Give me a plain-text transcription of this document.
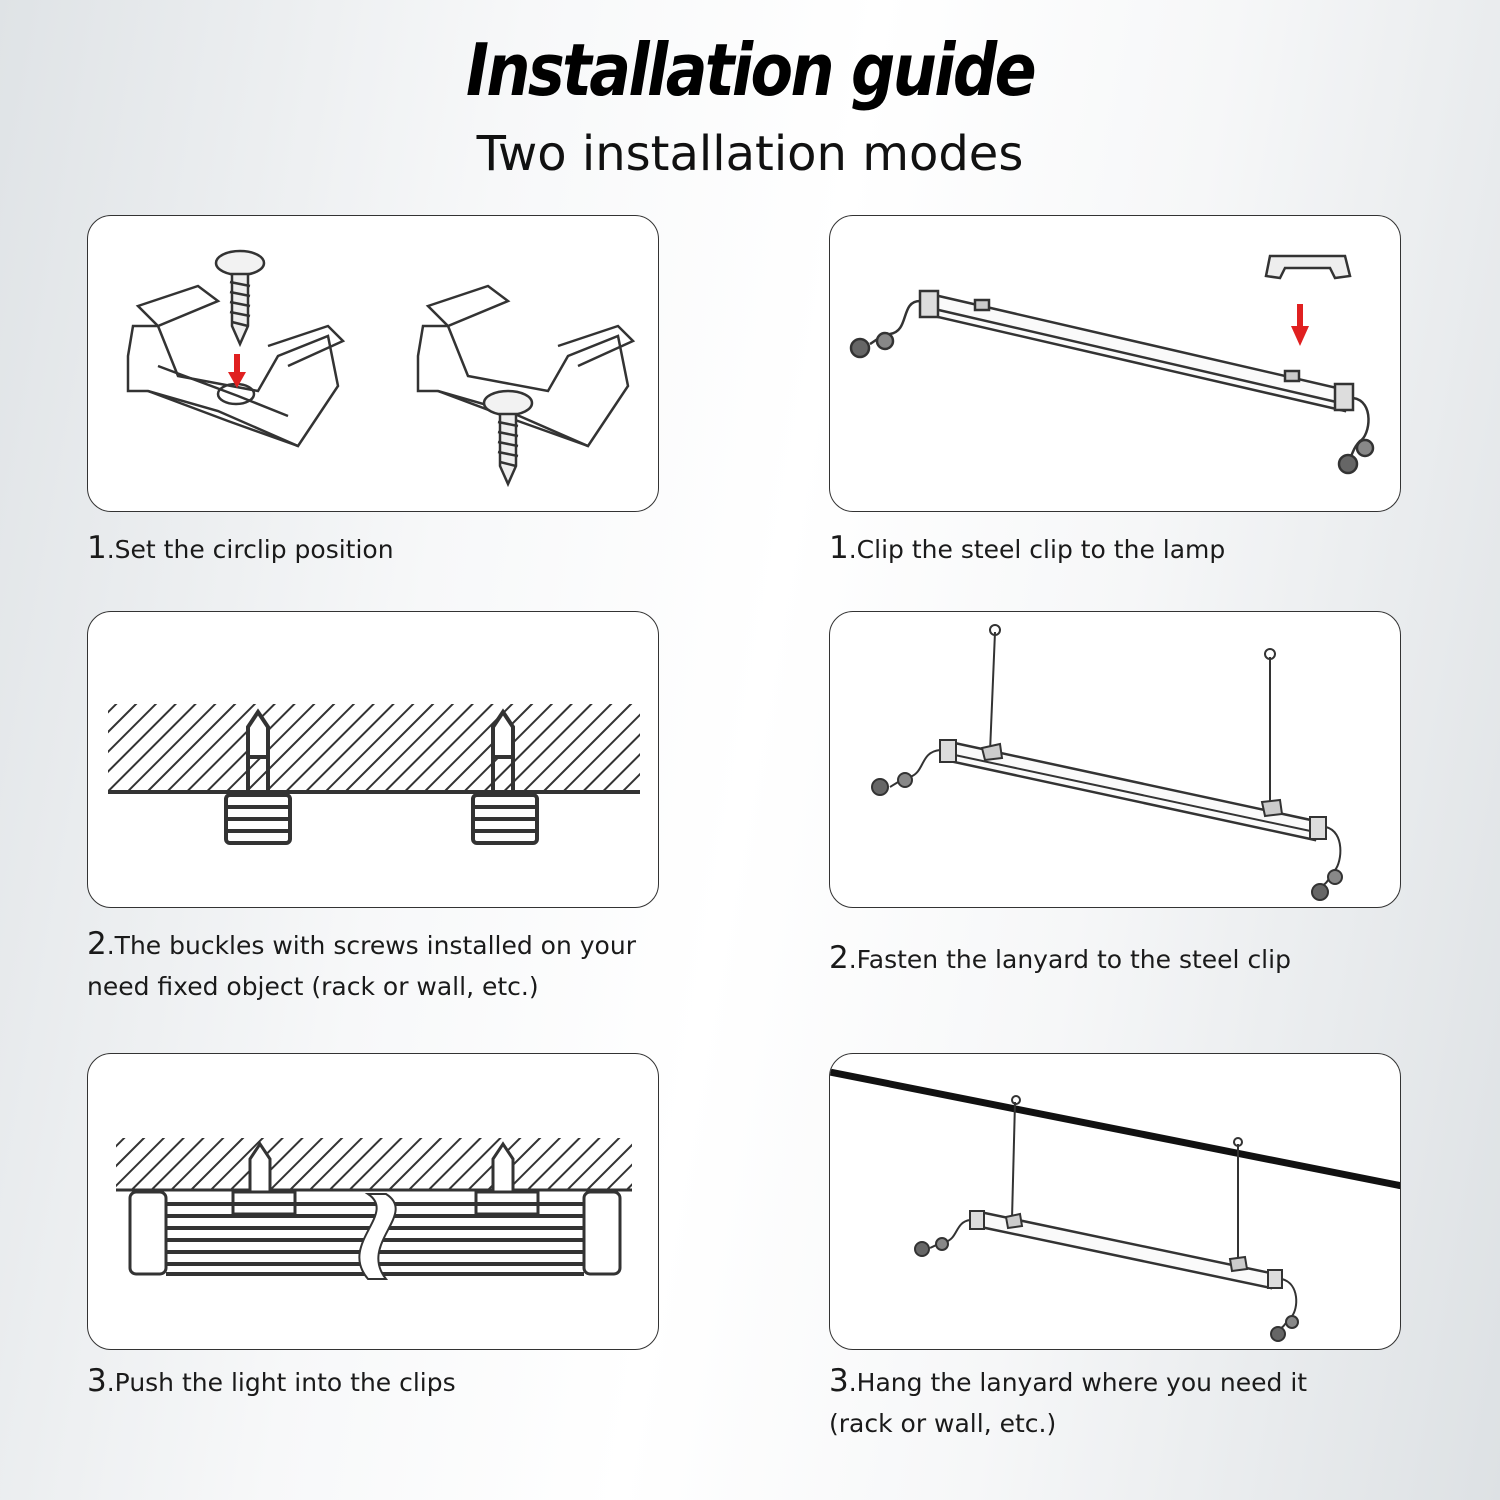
Installation guide
Two installation modes
1.Set the circlip position	1.Clip the steel clip to the lamp
2.The buckles with screws installed on your need fixed object (rack or wall, etc.)
2.Fasten the lanyard to the steel clip
3.Push the light into the clips	3.Hang the lanyard where you need it (rack or wall, etc.)
